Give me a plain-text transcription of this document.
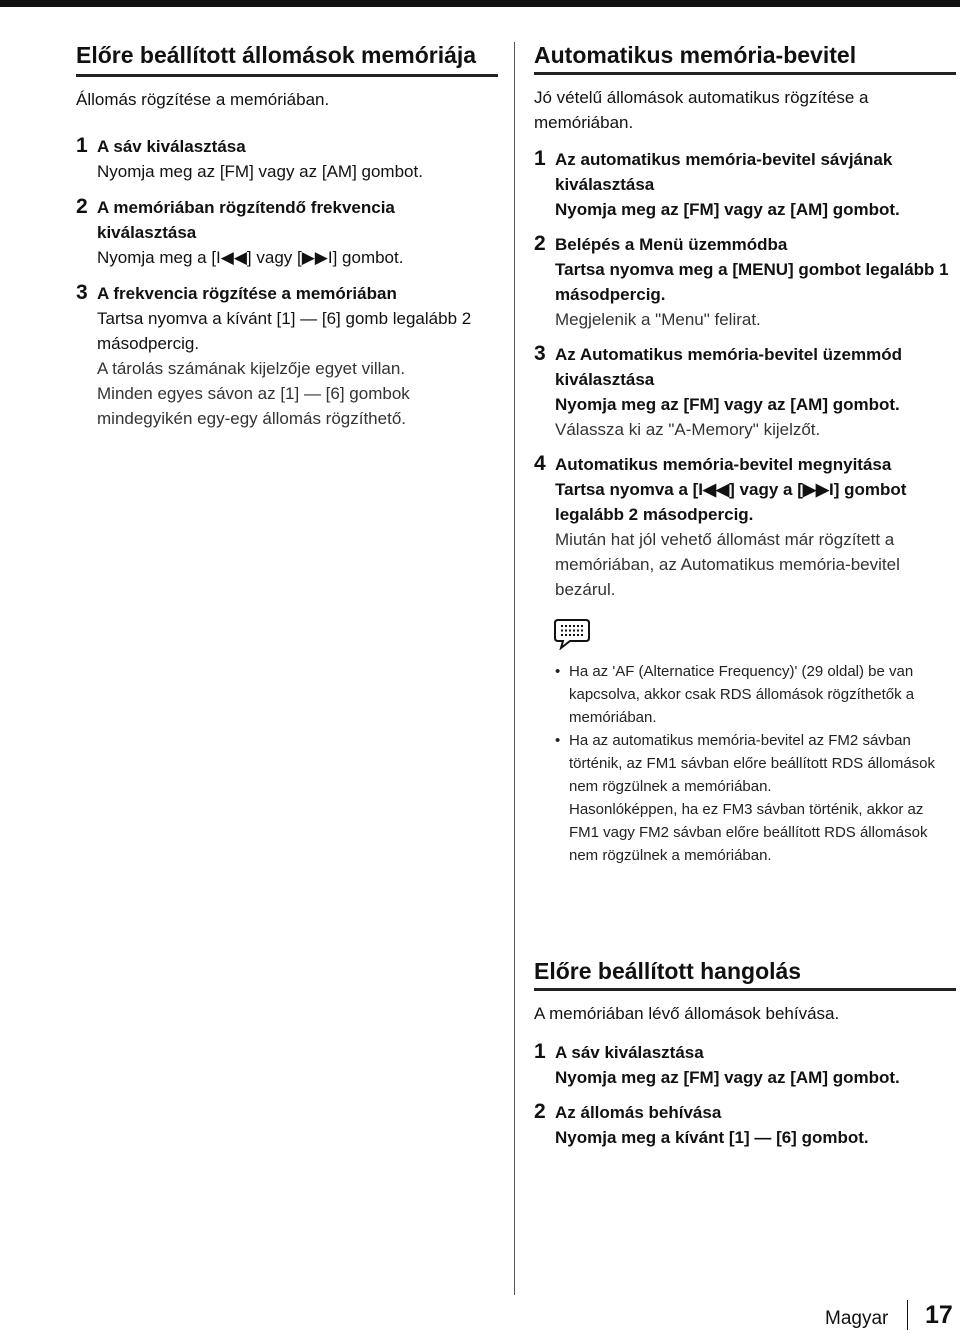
Előre beállított állomások memóriája
Állomás rögzítése a memóriában.
1 A sáv kiválasztása
Nyomja meg az [FM] vagy az [AM] gombot.
2 A memóriában rögzítendő frekvencia kiválasztása
Nyomja meg a [I◀◀] vagy [▶▶I] gombot.
3 A frekvencia rögzítése a memóriában
Tartsa nyomva a kívánt [1] — [6] gomb legalább 2 másodpercig.
A tárolás számának kijelzője egyet villan.
Minden egyes sávon az [1] — [6] gombok mindegyikén egy-egy állomás rögzíthető.
Automatikus memória-bevitel
Jó vételű állomások automatikus rögzítése a memóriában.
1 Az automatikus memória-bevitel sávjának kiválasztása
Nyomja meg az [FM] vagy az [AM] gombot.
2 Belépés a Menü üzemmódba
Tartsa nyomva meg a [MENU] gombot legalább 1 másodpercig.
Megjelenik a "Menu" felirat.
3 Az Automatikus memória-bevitel üzemmód kiválasztása
Nyomja meg az [FM] vagy az [AM] gombot.
Válassza ki az "A-Memory" kijelzőt.
4 Automatikus memória-bevitel megnyitása
Tartsa nyomva a [I◀◀] vagy a [▶▶I] gombot legalább 2 másodpercig.
Miután hat jól vehető állomást már rögzített a memóriában, az Automatikus memória-bevitel bezárul.
• Ha az 'AF (Alternatice Frequency)' (29 oldal) be van kapcsolva, akkor csak RDS állomások rögzíthetők a memóriában.
• Ha az automatikus memória-bevitel az FM2 sávban történik, az FM1 sávban előre beállított RDS állomások nem rögzülnek a memóriában.
Hasonlóképpen, ha ez FM3 sávban történik, akkor az FM1 vagy FM2 sávban előre beállított RDS állomások nem rögzülnek a memóriában.
Előre beállított hangolás
A memóriában lévő állomások behívása.
1 A sáv kiválasztása
Nyomja meg az [FM] vagy az [AM] gombot.
2 Az állomás behívása
Nyomja meg a kívánt [1] — [6] gombot.
Magyar 17
